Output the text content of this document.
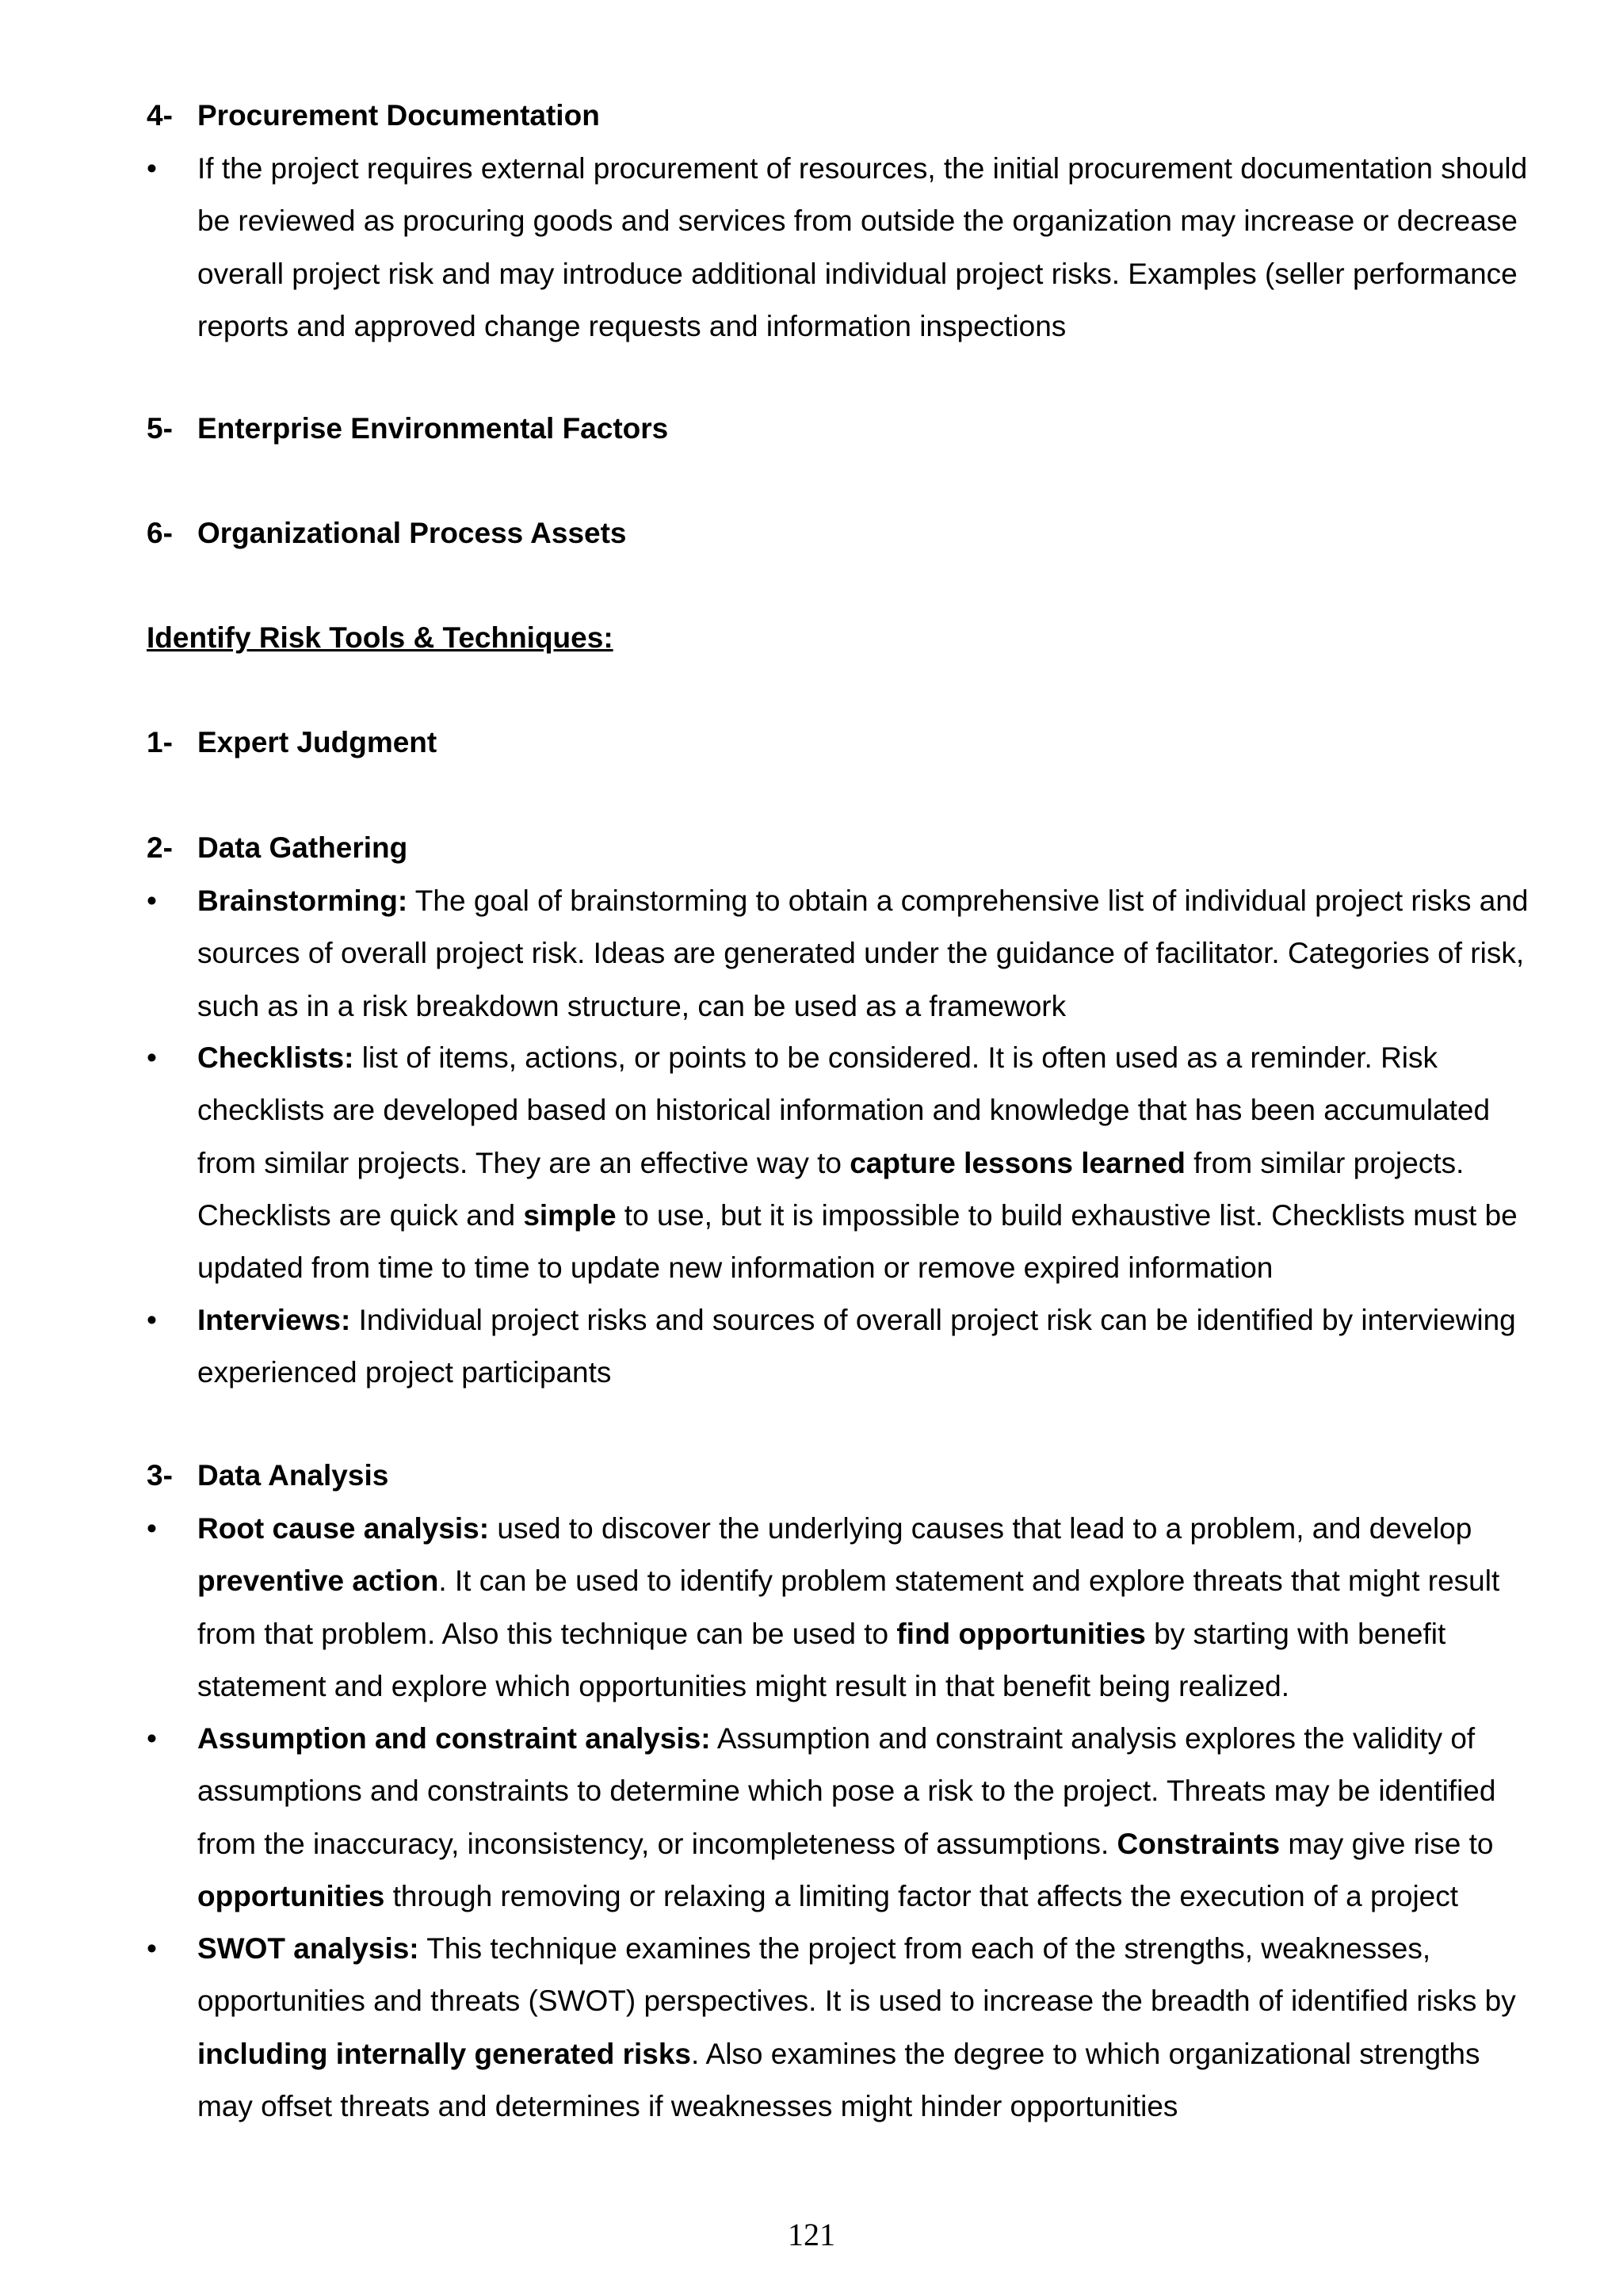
4- Procurement Documentation
•	If the project requires external procurement of resources, the initial procurement documentation should be reviewed as procuring goods and services from outside the organization may increase or decrease overall project risk and may introduce additional individual project risks. Examples (seller performance reports and approved change requests and information inspections
5- Enterprise Environmental Factors
6- Organizational Process Assets
Identify Risk Tools & Techniques:
1- Expert Judgment
2- Data Gathering
•	Brainstorming: The goal of brainstorming to obtain a comprehensive list of individual project risks and sources of overall project risk. Ideas are generated under the guidance of facilitator. Categories of risk, such as in a risk breakdown structure, can be used as a framework
•	Checklists: list of items, actions, or points to be considered. It is often used as a reminder. Risk checklists are developed based on historical information and knowledge that has been accumulated from similar projects. They are an effective way to capture lessons learned from similar projects. Checklists are quick and simple to use, but it is impossible to build exhaustive list. Checklists must be updated from time to time to update new information or remove expired information
•	Interviews: Individual project risks and sources of overall project risk can be identified by interviewing experienced project participants
3- Data Analysis
•	Root cause analysis: used to discover the underlying causes that lead to a problem, and develop preventive action. It can be used to identify problem statement and explore threats that might result from that problem. Also this technique can be used to find opportunities by starting with benefit statement and explore which opportunities might result in that benefit being realized.
•	Assumption and constraint analysis: Assumption and constraint analysis explores the validity of assumptions and constraints to determine which pose a risk to the project. Threats may be identified from the inaccuracy, inconsistency, or incompleteness of assumptions. Constraints may give rise to opportunities through removing or relaxing a limiting factor that affects the execution of a project
•	SWOT analysis: This technique examines the project from each of the strengths, weaknesses, opportunities and threats (SWOT) perspectives. It is used to increase the breadth of identified risks by including internally generated risks. Also examines the degree to which organizational strengths may offset threats and determines if weaknesses might hinder opportunities
121
